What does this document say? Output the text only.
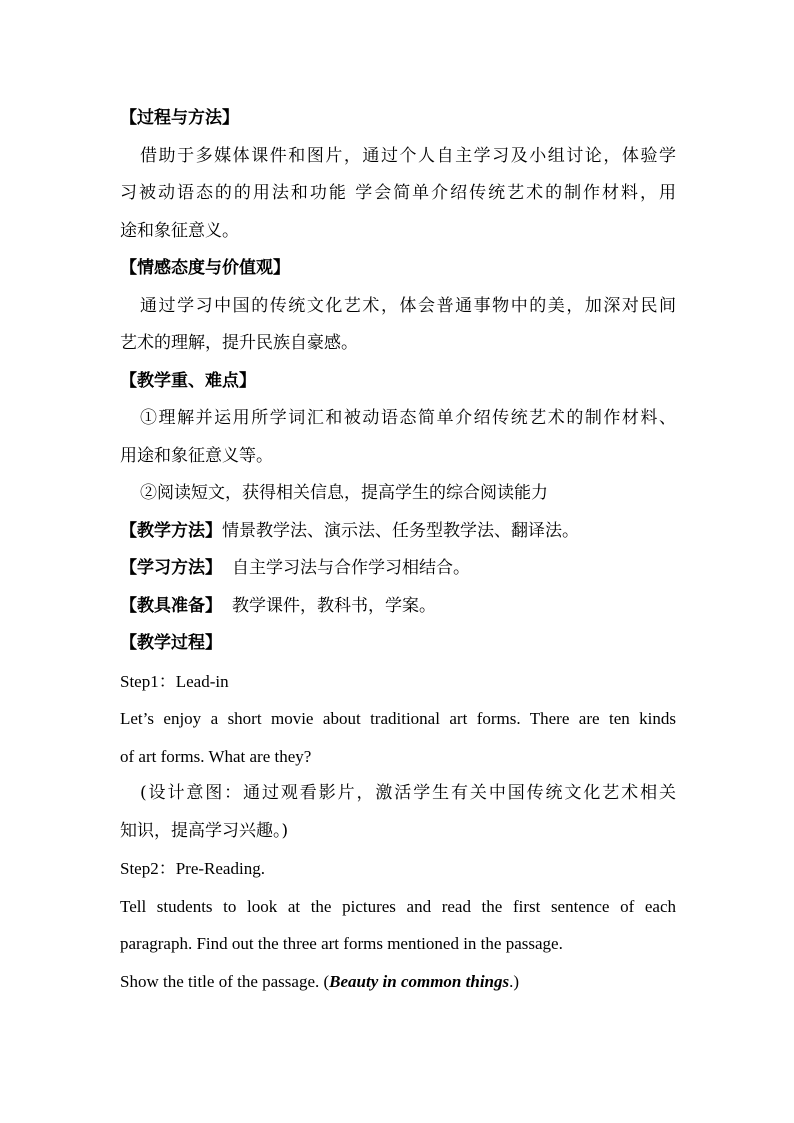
【过程与方法】
借助于多媒体课件和图片，通过个人自主学习及小组讨论，体验学
习被动语态的的用法和功能 学会简单介绍传统艺术的制作材料，用
途和象征意义。
【情感态度与价值观】
通过学习中国的传统文化艺术，体会普通事物中的美，加深对民间
艺术的理解，提升民族自豪感。
【教学重、难点】
①理解并运用所学词汇和被动语态简单介绍传统艺术的制作材料、
用途和象征意义等。
②阅读短文，获得相关信息，提高学生的综合阅读能力
【教学方法】情景教学法、演示法、任务型教学法、翻译法。
【学习方法】 自主学习法与合作学习相结合。
【教具准备】 教学课件，教科书，学案。
【教学过程】
Step1：Lead-in
Let’s enjoy a short movie about traditional art forms. There are ten kinds
of art forms. What are they?
(设计意图：通过观看影片，激活学生有关中国传统文化艺术相关
知识，提高学习兴趣。)
Step2：Pre-Reading.
Tell students to look at the pictures and read the first sentence of each
paragraph. Find out the three art forms mentioned in the passage.
Show the title of the passage. (Beauty in common things.)
